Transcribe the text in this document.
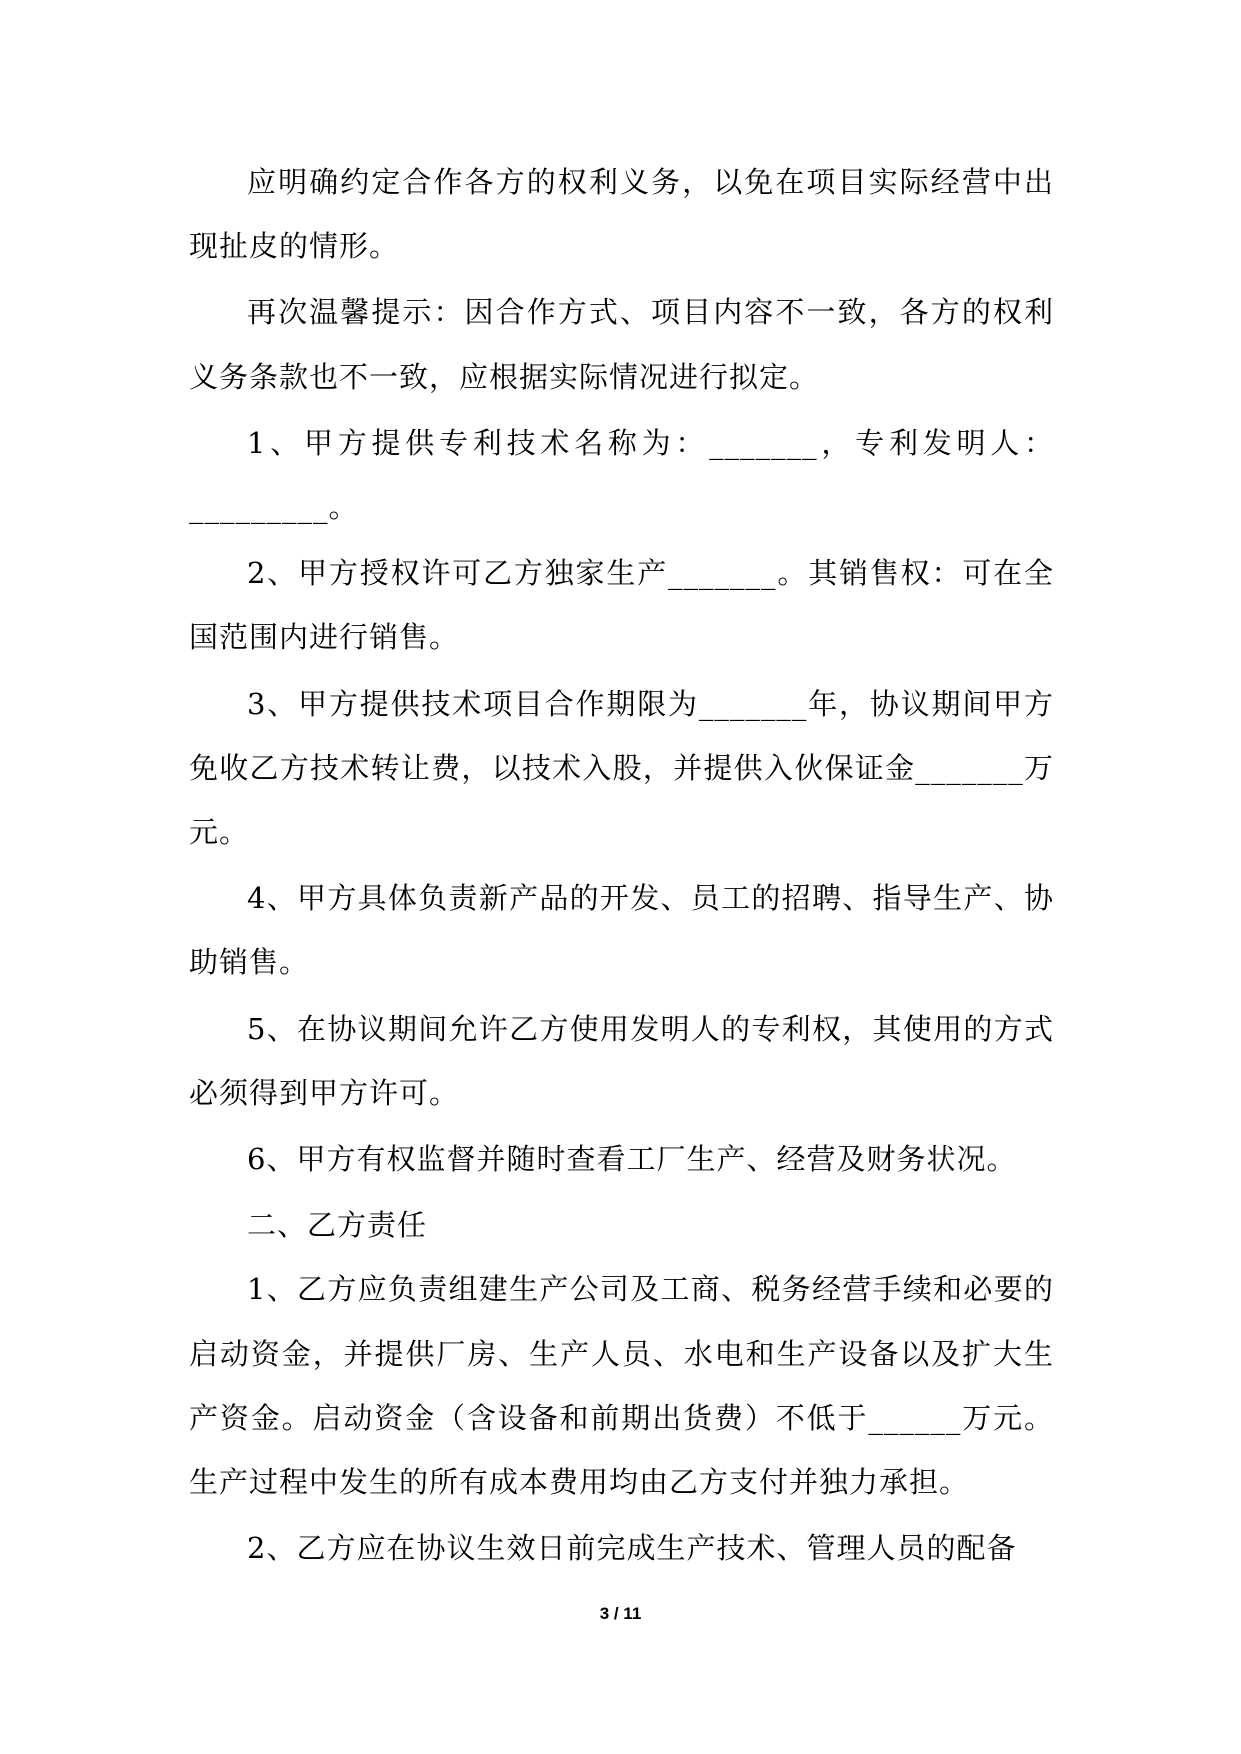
应明确约定合作各方的权利义务，以免在项目实际经营中出现扯皮的情形。

再次温馨提示：因合作方式、项目内容不一致，各方的权利义务条款也不一致，应根据实际情况进行拟定。

1、甲方提供专利技术名称为：_______，专利发明人：_________。

2、甲方授权许可乙方独家生产_______。其销售权：可在全国范围内进行销售。

3、甲方提供技术项目合作期限为_______年，协议期间甲方免收乙方技术转让费，以技术入股，并提供入伙保证金_______万元。

4、甲方具体负责新产品的开发、员工的招聘、指导生产、协助销售。

5、在协议期间允许乙方使用发明人的专利权，其使用的方式必须得到甲方许可。

6、甲方有权监督并随时查看工厂生产、经营及财务状况。

二、乙方责任

1、乙方应负责组建生产公司及工商、税务经营手续和必要的启动资金，并提供厂房、生产人员、水电和生产设备以及扩大生产资金。启动资金（含设备和前期出货费）不低于______万元。生产过程中发生的所有成本费用均由乙方支付并独力承担。

2、乙方应在协议生效日前完成生产技术、管理人员的配备

3 / 11
